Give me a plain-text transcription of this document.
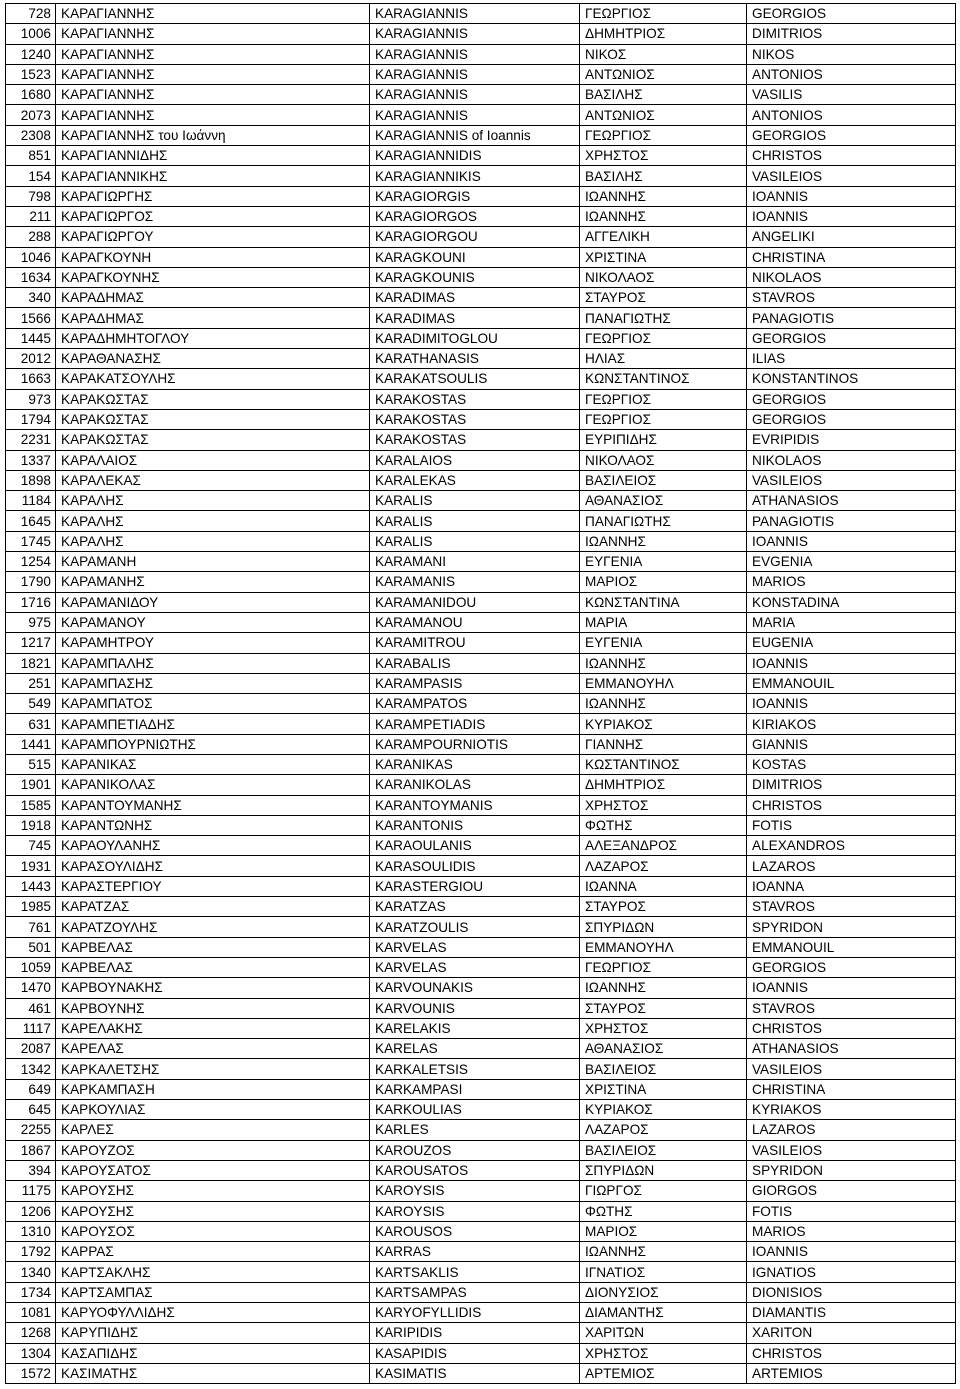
728	ΚΑΡΑΓΙΑΝΝΗΣ	KARAGIANNIS	ΓΕΩΡΓΙΟΣ	GEORGIOS
1006	ΚΑΡΑΓΙΑΝΝΗΣ	KARAGIANNIS	ΔΗΜΗΤΡΙΟΣ	DIMITRIOS
1240	ΚΑΡΑΓΙΑΝΝΗΣ	KARAGIANNIS	ΝΙΚΟΣ	NIKOS
1523	ΚΑΡΑΓΙΑΝΝΗΣ	KARAGIANNIS	ΑΝΤΩΝΙΟΣ	ANTONIOS
1680	ΚΑΡΑΓΙΑΝΝΗΣ	KARAGIANNIS	ΒΑΣΙΛΗΣ	VASILIS
2073	ΚΑΡΑΓΙΑΝΝΗΣ	KARAGIANNIS	ΑΝΤΩΝΙΟΣ	ANTONIOS
2308	ΚΑΡΑΓΙΑΝΝΗΣ του Ιωάννη	KARAGIANNIS of Ioannis	ΓΕΩΡΓΙΟΣ	GEORGIOS
851	ΚΑΡΑΓΙΑΝΝΙΔΗΣ	KARAGIANNIDIS	ΧΡΗΣΤΟΣ	CHRISTOS
154	ΚΑΡΑΓΙΑΝΝΙΚΗΣ	KARAGIANNIKIS	ΒΑΣΙΛΗΣ	VASILEIOS
798	ΚΑΡΑΓΙΩΡΓΗΣ	KARAGIORGIS	ΙΩΑΝΝΗΣ	IOANNIS
211	ΚΑΡΑΓΙΩΡΓΟΣ	KARAGIORGOS	ΙΩΑΝΝΗΣ	IOANNIS
288	ΚΑΡΑΓΙΩΡΓΟΥ	KARAGIORGOU	ΑΓΓΕΛΙΚΗ	ANGELIKI
1046	ΚΑΡΑΓΚΟΥΝΗ	KARAGKOUNI	ΧΡΙΣΤΙΝΑ	CHRISTINA
1634	ΚΑΡΑΓΚΟΥΝΗΣ	KARAGKOUNIS	ΝΙΚΟΛΑΟΣ	NIKOLAOS
340	ΚΑΡΑΔΗΜΑΣ	KARADIMAS	ΣΤΑΥΡΟΣ	STAVROS
1566	ΚΑΡΑΔΗΜΑΣ	KARADIMAS	ΠΑΝΑΓΙΩΤΗΣ	PANAGIOTIS
1445	ΚΑΡΑΔΗΜΗΤΟΓΛΟΥ	KARADIMITOGLOU	ΓΕΩΡΓΙΟΣ	GEORGIOS
2012	ΚΑΡΑΘΑΝΑΣΗΣ	KARATHANASIS	ΗΛΙΑΣ	ILIAS
1663	ΚΑΡΑΚΑΤΣΟΥΛΗΣ	KARAKATSOULIS	ΚΩΝΣΤΑΝΤΙΝΟΣ	KONSTANTINOS
973	ΚΑΡΑΚΩΣΤΑΣ	KARAKOSTAS	ΓΕΩΡΓΙΟΣ	GEORGIOS
1794	ΚΑΡΑΚΩΣΤΑΣ	KARAKOSTAS	ΓΕΩΡΓΙΟΣ	GEORGIOS
2231	ΚΑΡΑΚΩΣΤΑΣ	KARAKOSTAS	ΕΥΡΙΠΙΔΗΣ	EVRIPIDIS
1337	ΚΑΡΑΛΑΙΟΣ	KARALAIOS	ΝΙΚΟΛΑΟΣ	NIKOLAOS
1898	ΚΑΡΑΛΕΚΑΣ	KARALEKAS	ΒΑΣΙΛΕΙΟΣ	VASILEIOS
1184	ΚΑΡΑΛΗΣ	KARALIS	ΑΘΑΝΑΣΙΟΣ	ATHANASIOS
1645	ΚΑΡΑΛΗΣ	KARALIS	ΠΑΝΑΓΙΩΤΗΣ	PANAGIOTIS
1745	ΚΑΡΑΛΗΣ	KARALIS	ΙΩΑΝΝΗΣ	IOANNIS
1254	ΚΑΡΑΜΑΝΗ	KARAMANI	ΕΥΓΕΝΙΑ	EVGENIA
1790	ΚΑΡΑΜΑΝΗΣ	KARAMANIS	ΜΑΡΙΟΣ	MARIOS
1716	ΚΑΡΑΜΑΝΙΔΟΥ	KARAMANIDOU	ΚΩΝΣΤΑΝΤΙΝΑ	KONSTADINA
975	ΚΑΡΑΜΑΝΟΥ	KARAMANOU	ΜΑΡΙΑ	MARIA
1217	ΚΑΡΑΜΗΤΡΟΥ	KARAMITROU	ΕΥΓΕΝΙΑ	EUGENIA
1821	ΚΑΡΑΜΠΑΛΗΣ	KARABALIS	ΙΩΑΝΝΗΣ	IOANNIS
251	ΚΑΡΑΜΠΑΣΗΣ	KARAMPASIS	ΕΜΜΑΝΟΥΗΛ	EMMANOUIL
549	ΚΑΡΑΜΠΑΤΟΣ	KARAMPATOS	ΙΩΑΝΝΗΣ	IOANNIS
631	ΚΑΡΑΜΠΕΤΙΑΔΗΣ	KARAMPETIADIS	ΚΥΡΙΑΚΟΣ	KIRIAKOS
1441	ΚΑΡΑΜΠΟΥΡΝΙΩΤΗΣ	KARAMPOURNIOTIS	ΓΙΑΝΝΗΣ	GIANNIS
515	ΚΑΡΑΝΙΚΑΣ	KARANIKAS	ΚΩΣΤΑΝΤΙΝΟΣ	KOSTAS
1901	ΚΑΡΑΝΙΚΟΛΑΣ	KARANIKOLAS	ΔΗΜΗΤΡΙΟΣ	DIMITRIOS
1585	ΚΑΡΑΝΤΟΥΜΑΝΗΣ	KARANTOYMANIS	ΧΡΗΣΤΟΣ	CHRISTOS
1918	ΚΑΡΑΝΤΩΝΗΣ	KARANTONIS	ΦΩΤΗΣ	FOTIS
745	ΚΑΡΑΟΥΛΑΝΗΣ	KARAOULANIS	ΑΛΕΞΑΝΔΡΟΣ	ALEXANDROS
1931	ΚΑΡΑΣΟΥΛΙΔΗΣ	KARASOULIDIS	ΛΑΖΑΡΟΣ	LAZAROS
1443	ΚΑΡΑΣΤΕΡΓΙΟΥ	KARASTERGIOU	ΙΩΑΝΝΑ	IOANNA
1985	ΚΑΡΑΤΖΑΣ	KARATZAS	ΣΤΑΥΡΟΣ	STAVROS
761	ΚΑΡΑΤΖΟΥΛΗΣ	KARATZOULIS	ΣΠΥΡΙΔΩΝ	SPYRIDON
501	ΚΑΡΒΕΛΑΣ	KARVELAS	ΕΜΜΑΝΟΥΗΛ	EMMANOUIL
1059	ΚΑΡΒΕΛΑΣ	KARVELAS	ΓΕΩΡΓΙΟΣ	GEORGIOS
1470	ΚΑΡΒΟΥΝΑΚΗΣ	KARVOUNAKIS	ΙΩΑΝΝΗΣ	IOANNIS
461	ΚΑΡΒΟΥΝΗΣ	KARVOUNIS	ΣΤΑΥΡΟΣ	STAVROS
1117	ΚΑΡΕΛΑΚΗΣ	KARELAKIS	ΧΡΗΣΤΟΣ	CHRISTOS
2087	ΚΑΡΕΛΑΣ	KARELAS	ΑΘΑΝΑΣΙΟΣ	ATHANASIOS
1342	ΚΑΡΚΑΛΕΤΣΗΣ	KARKALETSIS	ΒΑΣΙΛΕΙΟΣ	VASILEIOS
649	ΚΑΡΚΑΜΠΑΣΗ	KARKAMPASI	ΧΡΙΣΤΙΝΑ	CHRISTINA
645	ΚΑΡΚΟΥΛΙΑΣ	KARKOULIAS	ΚΥΡΙΑΚΟΣ	KYRIAKOS
2255	ΚΑΡΛΕΣ	KARLES	ΛΑΖΑΡΟΣ	LAZAROS
1867	ΚΑΡΟΥΖΟΣ	KAROUZOS	ΒΑΣΙΛΕΙΟΣ	VASILEIOS
394	ΚΑΡΟΥΣΑΤΟΣ	KAROUSATOS	ΣΠΥΡΙΔΩΝ	SPYRIDON
1175	ΚΑΡΟΥΣΗΣ	KAROYSIS	ΓΙΩΡΓΟΣ	GIORGOS
1206	ΚΑΡΟΥΣΗΣ	KAROYSIS	ΦΩΤΗΣ	FOTIS
1310	ΚΑΡΟΥΣΟΣ	KAROUSOS	ΜΑΡΙΟΣ	MARIOS
1792	ΚΑΡΡΑΣ	KARRAS	ΙΩΑΝΝΗΣ	IOANNIS
1340	ΚΑΡΤΣΑΚΛΗΣ	KARTSAKLIS	ΙΓΝΑΤΙΟΣ	IGNATIOS
1734	ΚΑΡΤΣΑΜΠΑΣ	KARTSAMPAS	ΔΙΟΝΥΣΙΟΣ	DIONISIOS
1081	ΚΑΡΥΟΦΥΛΛΙΔΗΣ	KARYOFYLLIDIS	ΔΙΑΜΑΝΤΗΣ	DIAMANTIS
1268	ΚΑΡΥΠΙΔΗΣ	KARIPIDIS	ΧΑΡΙΤΩΝ	XARITON
1304	ΚΑΣΑΠΙΔΗΣ	KASAPIDIS	ΧΡΗΣΤΟΣ	CHRISTOS
1572	ΚΑΣΙΜΑΤΗΣ	KASIMATIS	ΑΡΤΕΜΙΟΣ	ARTEMIOS
